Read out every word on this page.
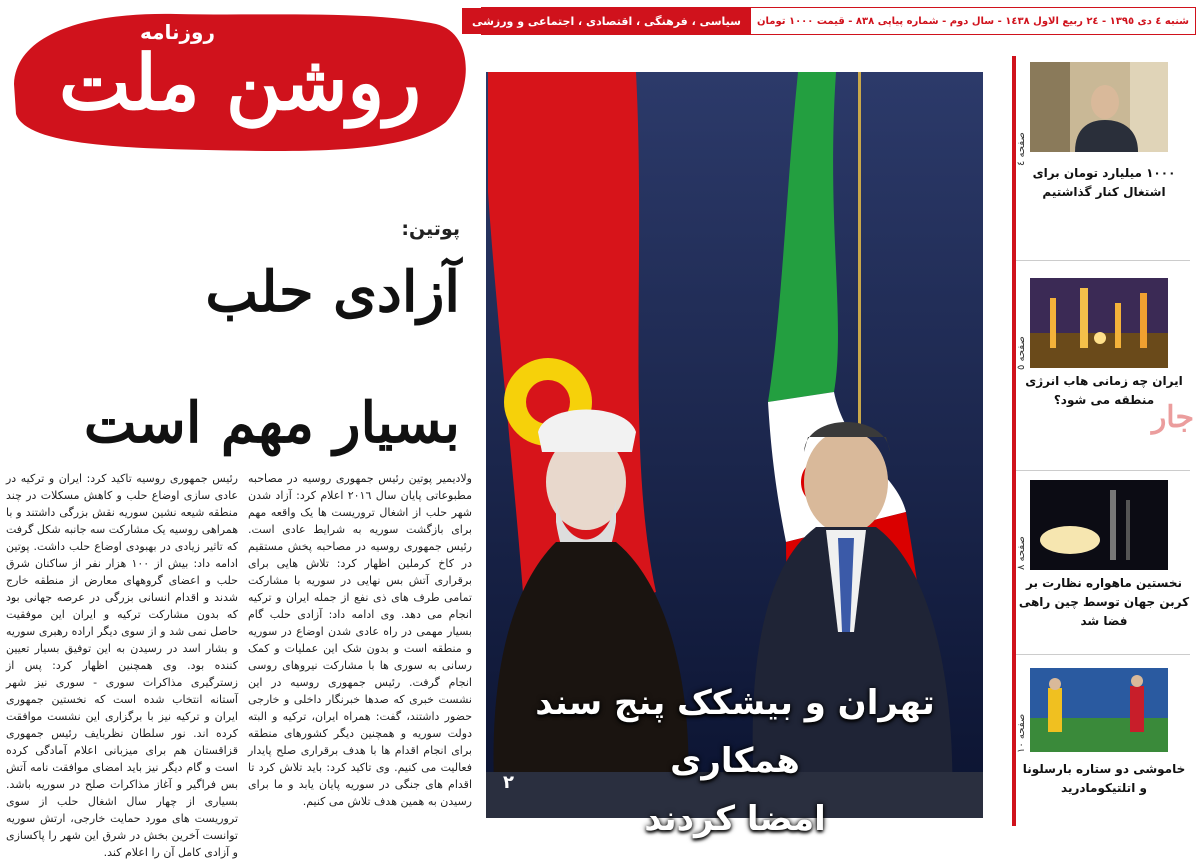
روزنامه
روشن ملت
شنبه ٤ دی ١٣٩٥ - ٢٤ ربیع الاول ١٤٣٨ - سال دوم - شماره پیاپی ٨٣٨ - قیمت ١٠٠٠ تومان
سیاسی ، فرهنگی ، اقتصادی ، اجتماعی و ورزشی
پوتین:
آزادی حلب
بسیار مهم است
ولادیمیر پوتین رئیس جمهوری روسیه در مصاحبه مطبوعاتی پایان سال ٢٠١٦ اعلام کرد: آزاد شدن شهر حلب از اشغال تروریست ها یک واقعه مهم برای بازگشت سوریه به شرایط عادی است. رئیس جمهوری روسیه در مصاحبه پخش مستقیم در کاخ کرملین اظهار کرد: تلاش هایی برای برقراری آتش بس نهایی در سوریه با مشارکت تمامی طرف های ذی نفع از جمله ایران و ترکیه انجام می دهد. وی ادامه داد: آزادی حلب گام بسیار مهمی در راه عادی شدن اوضاع در سوریه و منطقه است و بدون شک این عملیات و کمک رسانی به سوری ها با مشارکت نیروهای روسی انجام گرفت. رئیس جمهوری روسیه در این نشست خبری که صدها خبرنگار داخلی و خارجی حضور داشتند، گفت: همراه ایران، ترکیه و البته دولت سوریه و همچنین دیگر کشورهای منطقه برای انجام اقدام ها با هدف برقراری صلح پایدار فعالیت می کنیم. وی تاکید کرد: باید تلاش کرد تا اقدام های جنگی در سوریه پایان یابد و ما برای رسیدن به همین هدف تلاش می کنیم.
رئیس جمهوری روسیه تاکید کرد: ایران و ترکیه در عادی سازی اوضاع حلب و کاهش مسکلات در چند منطقه شیعه نشین سوریه نقش بزرگی داشتند و با همراهی روسیه یک مشارکت سه جانبه شکل گرفت که تاثیر زیادی در بهبودی اوضاع حلب داشت. پوتین ادامه داد: بیش از ١٠٠ هزار نفر از ساکنان شرق حلب و اعضای گروههای معارض از منطقه خارج شدند و اقدام انسانی بزرگی در عرصه جهانی بود که بدون مشارکت ترکیه و ایران این موفقیت حاصل نمی شد و از سوی دیگر اراده رهبری سوریه و بشار اسد در رسیدن به این توفیق بسیار تعیین کننده بود. وی همچنین اظهار کرد: پس از زسترگیری مذاکرات سوری - سوری نیز شهر آستانه انتخاب شده است که نخستین جمهوری ایران و ترکیه نیز با برگزاری این نشست موافقت کرده اند. نور سلطان نظربایف رئیس جمهوری قزاقستان هم برای میزبانی اعلام آمادگی کرده است و گام دیگر نیز باید امضای موافقت نامه آتش بس فراگیر و آغاز مذاکرات صلح در سوریه باشد. بسیاری از چهار سال اشغال حلب از سوی تروریست های مورد حمایت خارجی، ارتش سوریه توانست آخرین بخش در شرق این شهر را پاکسازی و آزادی کامل آن را اعلام کند.
تهران و بیشکک پنج سند همکاری
امضا کردند
٢
صفحه ٤
١٠٠٠ میلیارد تومان برای اشتغال کنار گذاشتیم
صفحه ٥
ایران چه زمانی هاب انرژی منطقه می شود؟
جار
صفحه ٨
نخستین ماهواره نظارت بر کربن جهان توسط چین راهی فضا شد
صفحه ١٠
خاموشی دو ستاره بارسلونا و اتلتیکومادرید
